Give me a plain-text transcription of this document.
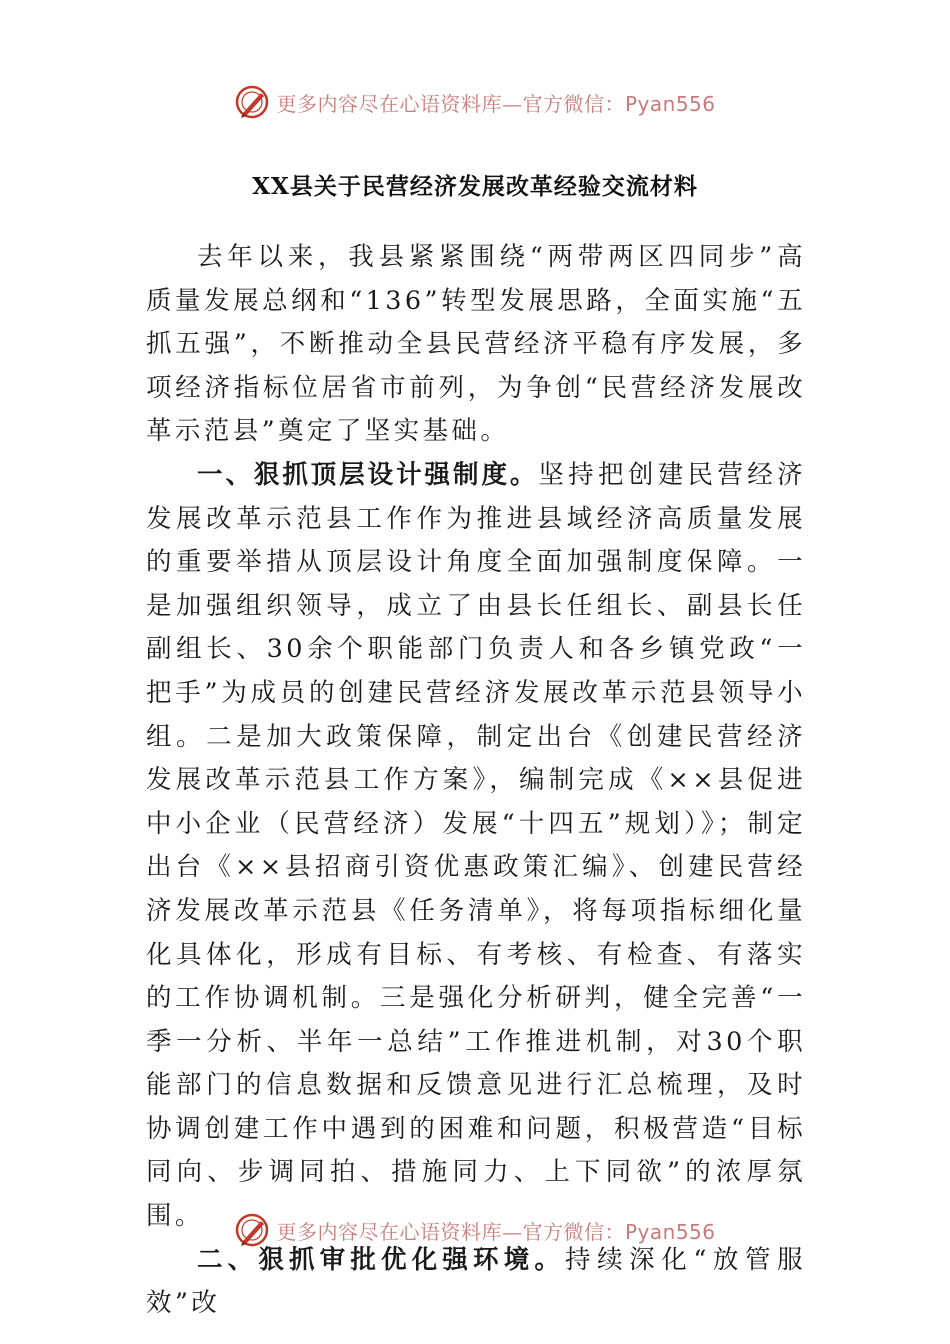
更多内容尽在心语资料库—官方微信：Pyan556
XX县关于民营经济发展改革经验交流材料

去年以来，我县紧紧围绕“两带两区四同步”高质量发展总纲和“136”转型发展思路，全面实施“五抓五强”，不断推动全县民营经济平稳有序发展，多项经济指标位居省市前列，为争创“民营经济发展改革示范县”奠定了坚实基础。

一、狠抓顶层设计强制度。坚持把创建民营经济发展改革示范县工作作为推进县域经济高质量发展的重要举措从顶层设计角度全面加强制度保障。一是加强组织领导，成立了由县长任组长、副县长任副组长、30余个职能部门负责人和各乡镇党政“一把手”为成员的创建民营经济发展改革示范县领导小组。二是加大政策保障，制定出台《创建民营经济发展改革示范县工作方案》，编制完成《××县促进中小企业（民营经济）发展“十四五”规划）》；制定出台《××县招商引资优惠政策汇编》、创建民营经济发展改革示范县《任务清单》，将每项指标细化量化具体化，形成有目标、有考核、有检查、有落实的工作协调机制。三是强化分析研判，健全完善“一季一分析、半年一总结”工作推进机制，对30个职能部门的信息数据和反馈意见进行汇总梳理，及时协调创建工作中遇到的困难和问题，积极营造“目标同向、步调同拍、措施同力、上下同欲”的浓厚氛围。

二、狠抓审批优化强环境。持续深化“放管服效”改

更多内容尽在心语资料库—官方微信：Pyan556
